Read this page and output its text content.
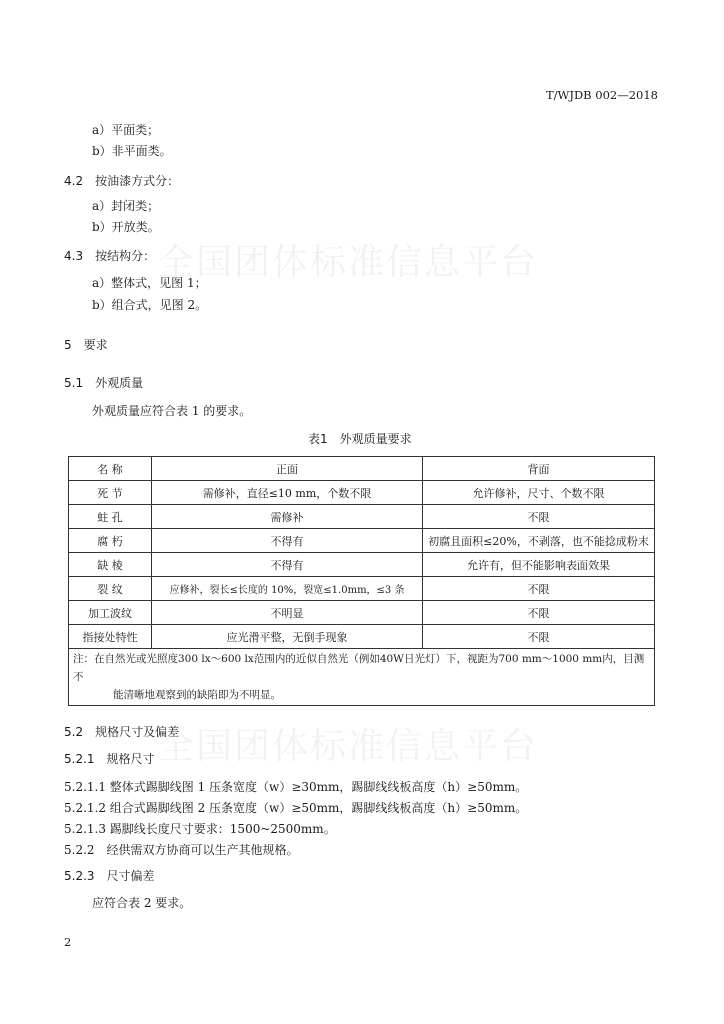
T/WJDB 002—2018
全国团体标准信息平台
全国团体标准信息平台
a）平面类；
b）非平面类。
4.2　按油漆方式分：
a）封闭类；
b）开放类。
4.3　按结构分：
a）整体式，见图 1；
b）组合式，见图 2。
5　要求
5.1　外观质量
外观质量应符合表 1 的要求。
表1　外观质量要求
名 称	正面	背面
死 节	需修补，直径≤10 mm，个数不限	允许修补，尺寸、个数不限
蛀 孔	需修补	不限
腐 朽	不得有	初腐且面积≤20%，不剥落，也不能捻成粉末
缺 棱	不得有	允许有，但不能影响表面效果
裂 纹	应修补，裂长≤长度的 10%，裂宽≤1.0mm，≤3 条	不限
加工波纹	不明显	不限
指接处特性	应光滑平整，无倒手现象	不限

注：在自然光或光照度300 lx～600 lx范围内的近似自然光（例如40W日光灯）下，视距为700 mm～1000 mm内，目测不
能清晰地观察到的缺陷即为不明显。		
5.2　规格尺寸及偏差
5.2.1　规格尺寸
5.2.1.1 整体式踢脚线图 1 压条宽度（w）≥30mm，踢脚线线板高度（h）≥50mm。
5.2.1.2 组合式踢脚线图 2 压条宽度（w）≥50mm，踢脚线线板高度（h）≥50mm。
5.2.1.3 踢脚线长度尺寸要求：1500~2500mm。
5.2.2　经供需双方协商可以生产其他规格。
5.2.3　尺寸偏差
应符合表 2 要求。
2
